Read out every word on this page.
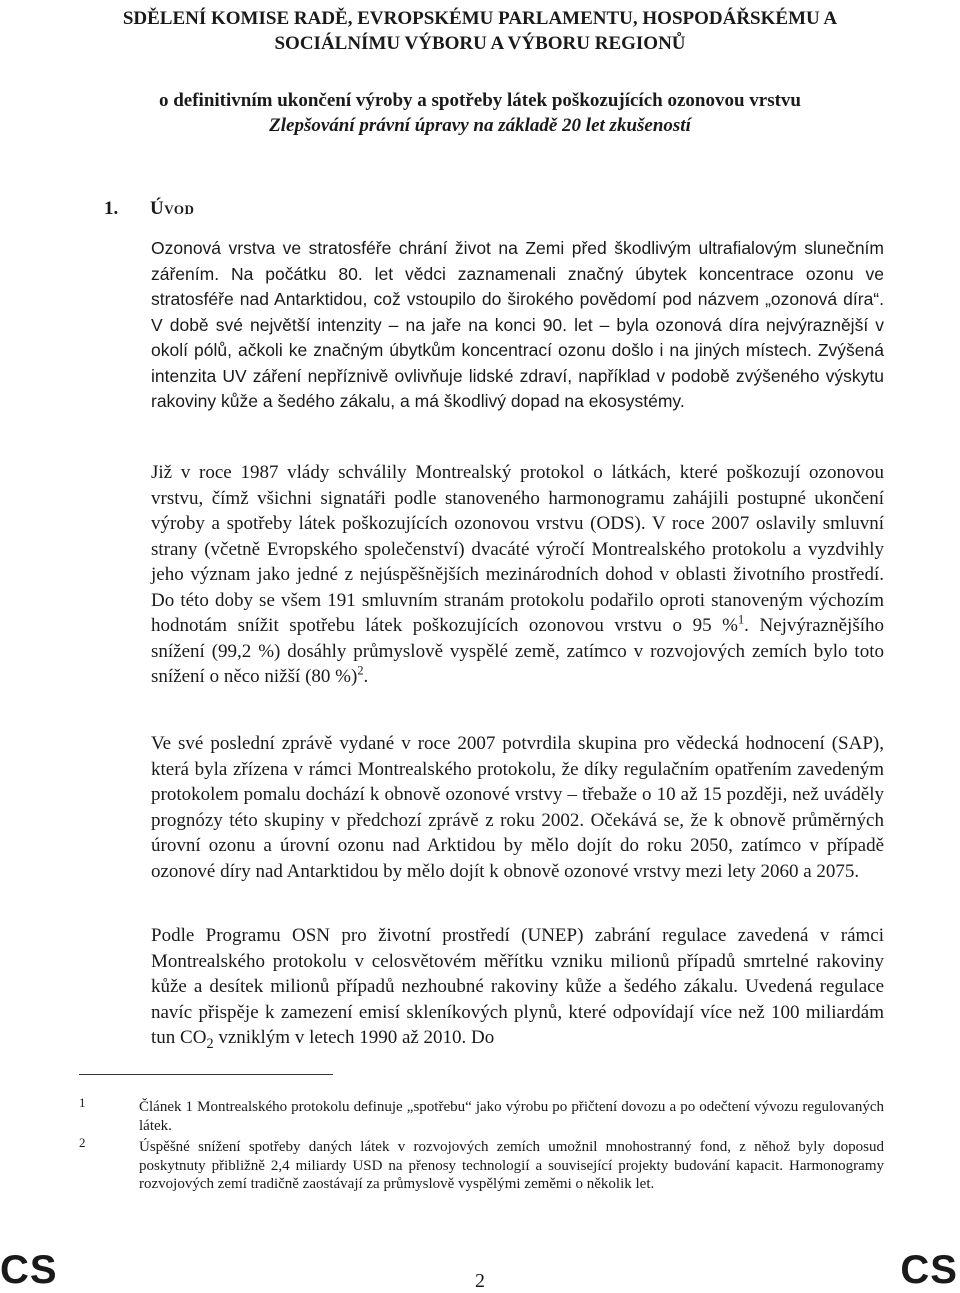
SDĚLENÍ KOMISE RADĚ, EVROPSKÉMU PARLAMENTU, HOSPODÁŘSKÉMU A
SOCIÁLNÍMU VÝBORU A VÝBORU REGIONŮ
o definitivním ukončení výroby a spotřeby látek poškozujících ozonovou vrstvu
Zlepšování právní úpravy na základě 20 let zkušeností
1. Úvod

Ozonová vrstva ve stratosféře chrání život na Zemi před škodlivým ultrafialovým slunečním zářením. Na počátku 80. let vědci zaznamenali značný úbytek koncentrace ozonu ve stratosféře nad Antarktidou, což vstoupilo do širokého povědomí pod názvem „ozonová díra“. V době své největší intenzity – na jaře na konci 90. let – byla ozonová díra nejvýraznější v okolí pólů, ačkoli ke značným úbytkům koncentrací ozonu došlo i na jiných místech. Zvýšená intenzita UV záření nepříznivě ovlivňuje lidské zdraví, například v podobě zvýšeného výskytu rakoviny kůže a šedého zákalu, a má škodlivý dopad na ekosystémy.

Již v roce 1987 vlády schválily Montrealský protokol o látkách, které poškozují ozonovou vrstvu, čímž všichni signatáři podle stanoveného harmonogramu zahájili postupné ukončení výroby a spotřeby látek poškozujících ozonovou vrstvu (ODS). V roce 2007 oslavily smluvní strany (včetně Evropského společenství) dvacáté výročí Montrealského protokolu a vyzdvihly jeho význam jako jedné z nejúspěšnějších mezinárodních dohod v oblasti životního prostředí. Do této doby se všem 191 smluvním stranám protokolu podařilo oproti stanoveným výchozím hodnotám snížit spotřebu látek poškozujících ozonovou vrstvu o 95 %$^1$. Nejvýraznějšího snížení (99,2 %) dosáhly průmyslově vyspělé země, zatímco v rozvojových zemích bylo toto snížení o něco nižší (80 %)$^2$.

Ve své poslední zprávě vydané v roce 2007 potvrdila skupina pro vědecká hodnocení (SAP), která byla zřízena v rámci Montrealského protokolu, že díky regulačním opatřením zavedeným protokolem pomalu dochází k obnově ozonové vrstvy – třebaže o 10 až 15 později, než uváděly prognózy této skupiny v předchozí zprávě z roku 2002. Očekává se, že k obnově průměrných úrovní ozonu a úrovní ozonu nad Arktidou by mělo dojít do roku 2050, zatímco v případě ozonové díry nad Antarktidou by mělo dojít k obnově ozonové vrstvy mezi lety 2060 a 2075.

Podle Programu OSN pro životní prostředí (UNEP) zabrání regulace zavedená v rámci Montrealského protokolu v celosvětovém měřítku vzniku milionů případů smrtelné rakoviny kůže a desítek milionů případů nezhoubné rakoviny kůže a šedého zákalu. Uvedená regulace navíc přispěje k zamezení emisí skleníkových plynů, které odpovídají více než 100 miliardám tun $CO_2$ vzniklým v letech 1990 až 2010. Do

1	Článek 1 Montrealského protokolu definuje „spotřebu“ jako výrobu po přičtení dovozu a po odečtení vývozu regulovaných látek.
2	Úspěšné snížení spotřeby daných látek v rozvojových zemích umožnil mnohostranný fond, z něhož byly doposud poskytnuty přibližně 2,4 miliardy USD na přenosy technologií a související projekty budování kapacit. Harmonogramy rozvojových zemí tradičně zaostávají za průmyslově vyspělými zeměmi o několik let.
CS	2	CS
